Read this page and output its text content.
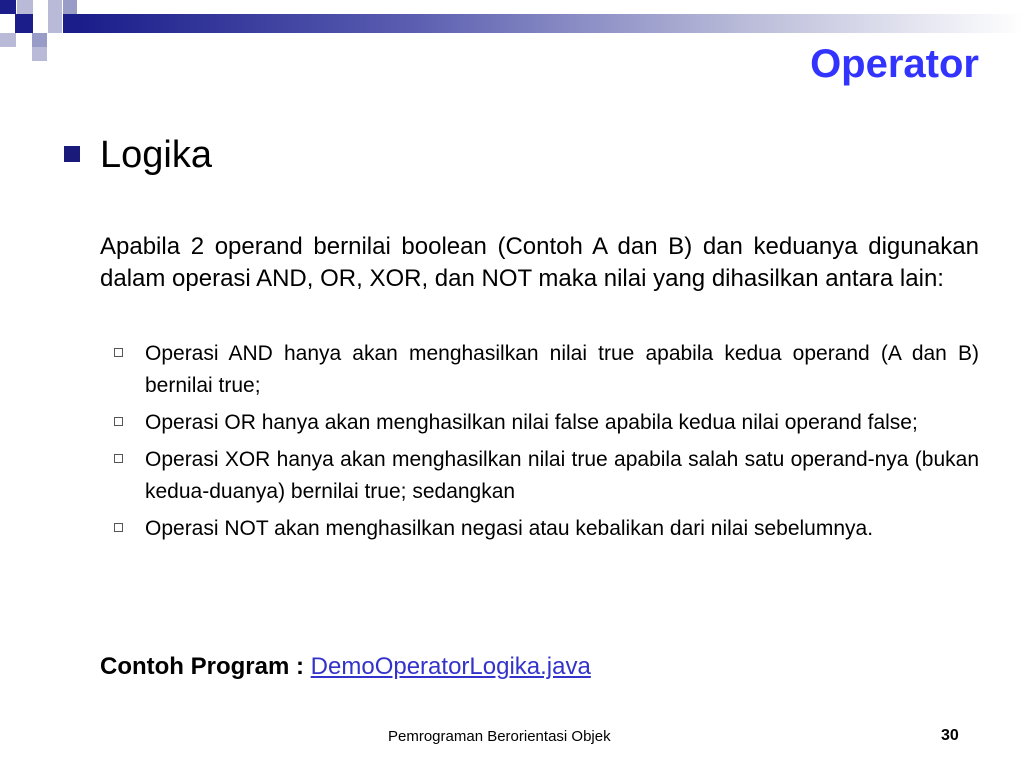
Operator
Logika
Apabila 2 operand bernilai boolean (Contoh A dan B) dan keduanya digunakan dalam operasi AND, OR, XOR, dan NOT maka nilai yang dihasilkan antara lain:
Operasi AND hanya akan menghasilkan nilai true apabila kedua operand (A dan B) bernilai true;
Operasi OR hanya akan menghasilkan nilai false apabila kedua nilai operand false;
Operasi XOR hanya akan menghasilkan nilai true apabila salah satu operand-nya (bukan kedua-duanya) bernilai true; sedangkan
Operasi NOT akan menghasilkan negasi atau kebalikan dari nilai sebelumnya.
Contoh Program : DemoOperatorLogika.java
Pemrograman Berorientasi Objek	30
